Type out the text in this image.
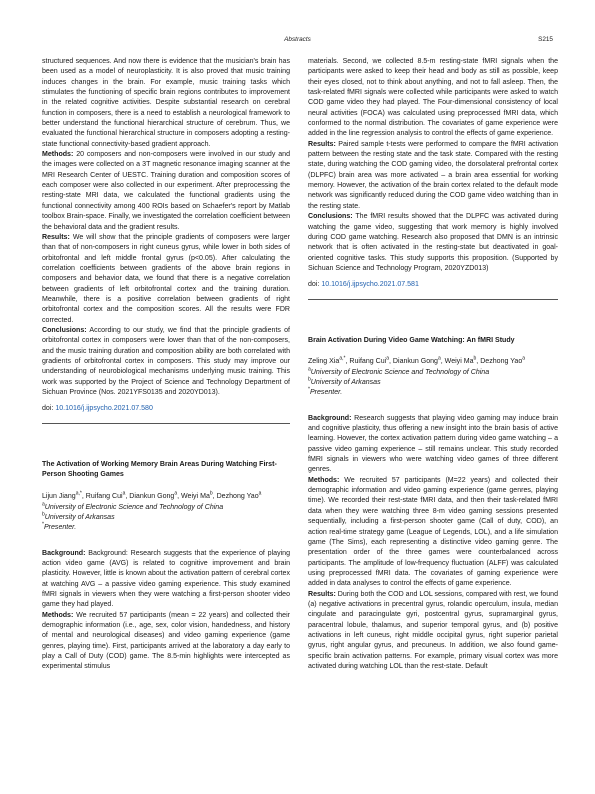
Abstracts	S215

structured sequences. And now there is evidence that the musician's brain has been used as a model of neuroplasticity. It is also proved that music training induces changes in the brain. For example, music training tasks which stimulates the functioning of specific brain regions contributes to improvement in the related cognitive activities. Despite substantial research on cerebral function in composers, there is a need to establish a neurological framework to better understand the functional hierarchical structure of cerebrum. Thus, we evaluated the functional hierarchical structure in composers adopting a resting-state functional connectivity-based gradient approach.

Methods: 20 composers and non-composers were involved in our study and the images were collected on a 3T magnetic resonance imaging scanner at the MRI Research Center of UESTC. Training duration and composition scores of each composer were also collected in our experiment. After preprocessing the resting-state MRI data, we calculated the functional gradients using the functional connectivity among 400 ROIs based on Schaefer's report by Matlab toolbox Brain-space. Finally, we investigated the correlation coefficient between the behavioral data and the gradient results.

Results: We will show that the principle gradients of composers were larger than that of non-composers in right cuneus gyrus, while lower in both sides of orbitofrontal and left middle frontal gyrus (p<0.05). After calculating the correlation coefficients between gradients of the above brain regions in composers and behavior data, we found that there is a negative correlation between gradients of left orbitofrontal cortex and the training duration. Meanwhile, there is a positive correlation between gradients of right orbitofrontal cortex and the composition scores. All the results were FDR corrected.

Conclusions: According to our study, we find that the principle gradients of orbitofrontal cortex in composers were lower than that of the non-composers, and the music training duration and composition ability are both correlated with gradients of orbitofrontal cortex in composers. This study may improve our understanding of neurobiological mechanisms underlying music training. This work was supported by the Project of Science and Technology Department of Sichuan Province (Nos. 2021YFS0135 and 2020YD013).

doi: 10.1016/j.ijpsycho.2021.07.580

The Activation of Working Memory Brain Areas During Watching First-Person Shooting Games

Lijun Jiang$^{a,*}$, Ruifang Cui$^a$, Diankun Gong$^a$, Weiyi Ma$^b$, Dezhong Yao$^a$

$^a$University of Electronic Science and Technology of China

$^b$University of Arkansas

*Presenter.

Background: Background: Research suggests that the experience of playing action video game (AVG) is related to cognitive improvement and brain plasticity. However, little is known about the activation pattern of cerebral cortex at watching AVG – a passive video gaming experience. This study examined fMRI signals in viewers when they were watching a first-person shooter video game they had played.

Methods: We recruited 57 participants (mean = 22 years) and collected their demographic information (i.e., age, sex, color vision, handedness, and history of mental and neurological diseases) and video gaming experience (game genres, playing time). First, participants arrived at the laboratory a day early to play a Call of Duty (COD) game. The 8.5-min highlights were intercepted as experimental stimulus

materials. Second, we collected 8.5-m resting-state fMRI signals when the participants were asked to keep their head and body as still as possible, keep their eyes closed, not to think about anything, and not to fall asleep. Then, the task-related fMRI signals were collected while participants were asked to watch COD game video they had played. The Four-dimensional consistency of local neural activities (FOCA) was calculated using preprocessed fMRI data, which conformed to the normal distribution. The covariates of game experience were added in the line regression analysis to control the effects of game experience.

Results: Paired sample t-tests were performed to compare the fMRI activation pattern between the resting state and the task state. Compared with the resting state, during watching the COD gaming video, the dorsolateral prefrontal cortex (DLPFC) brain area was more activated – a brain area essential for working memory. However, the activation of the brain cortex related to the default mode network was significantly reduced during the COD game video watching than in the resting state.

Conclusions: The fMRI results showed that the DLPFC was activated during watching the game video, suggesting that work memory is highly involved during COD game watching. Research also proposed that DMN is an intrinsic network that is often activated in the resting-state but deactivated in goal-oriented cognitive tasks. This study supports this proposition. (Supported by Sichuan Science and Technology Program, 2020YZD013)

doi: 10.1016/j.ijpsycho.2021.07.581

Brain Activation During Video Game Watching: An fMRI Study

Zeling Xia$^{a,*}$, Ruifang Cui$^a$, Diankun Gong$^a$, Weiyi Ma$^b$, Dezhong Yao$^a$

$^a$University of Electronic Science and Technology of China

$^b$University of Arkansas

*Presenter.

Background: Research suggests that playing video gaming may induce brain and cognitive plasticity, thus offering a new insight into the brain basis of active learning. However, the cortex activation pattern during video game watching – a passive video gaming experience – still remains unclear. This study recorded fMRI signals in viewers who were watching video games of three different genres.

Methods: We recruited 57 participants (M=22 years) and collected their demographic information and video gaming experience (game genres, playing time). We recorded their rest-state fMRI data, and then their task-related fMRI data when they were watching three 8-m video gaming sessions presented sequentially, including a first-person shooter game (Call of duty, COD), an action real-time strategy game (League of Legends, LOL), and a life simulation game (The Sims), each representing a distinctive video gaming genre. The presentation order of the three games were counterbalanced across participants. The amplitude of low-frequency fluctuation (ALFF) was calculated using preprocessed fMRI data. The covariates of gaming experience were added in data analyses to control the effects of game experience.

Results: During both the COD and LOL sessions, compared with rest, we found (a) negative activations in precentral gyrus, rolandic operculum, insula, median cingulate and paracingulate gyri, postcentral gyrus, supramarginal gyrus, paracentral lobule, thalamus, and superior temporal gyrus, and (b) positive activations in left cuneus, right middle occipital gyrus, right superior parietal gyrus, right angular gyrus, and precuneus. In addition, we also found game-specific brain activation patterns. For example, primary visual cortex was more activated during watching LOL than the rest-state. Default
